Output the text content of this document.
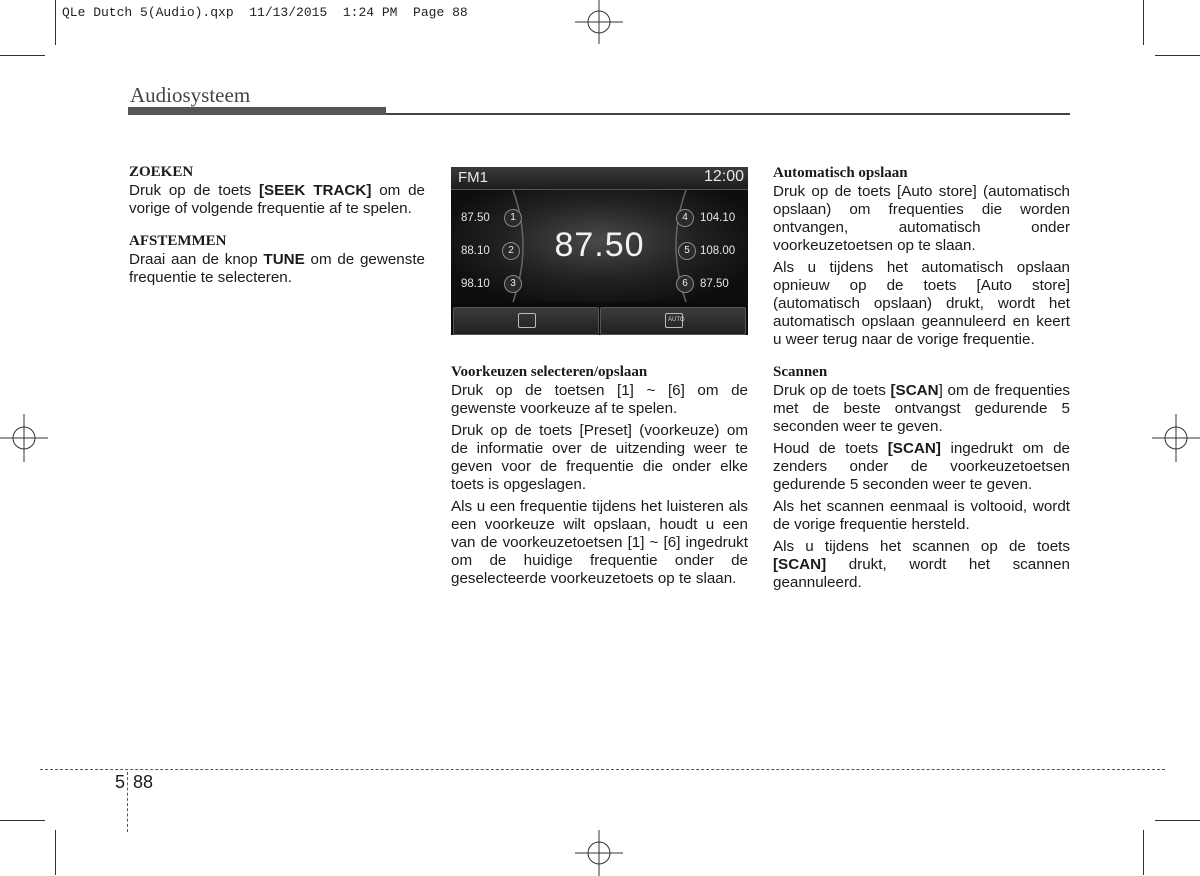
QLe Dutch 5(Audio).qxp  11/13/2015  1:24 PM  Page 88
Audiosysteem
ZOEKEN

Druk op de toets [SEEK TRACK] om de vorige of volgende frequentie af te spelen.

AFSTEMMEN

Draai aan de knop TUNE om de gewenste frequentie te selecteren.

FM1	12:00
87.50
87.50	1
88.10	2
98.10	3
4	104.10
5 108.00
6	87.50
AUTO
Voorkeuzen selecteren/opslaan

Druk op de toetsen [1] ~ [6] om de gewenste voorkeuze af te spelen.

Druk op de toets [Preset] (voorkeuze) om de informatie over de uitzending weer te geven voor de frequentie die onder elke toets is opgeslagen.

Als u een frequentie tijdens het luisteren als een voorkeuze wilt opslaan, houdt u een van de voorkeuzetoetsen [1] ~ [6] ingedrukt om de huidige frequentie onder de geselecteerde voorkeuzetoets op te slaan.

Automatisch opslaan

Druk op de toets [Auto store] (automatisch opslaan) om frequenties die worden ontvangen, automatisch onder voorkeuzetoetsen op te slaan.

Als u tijdens het automatisch opslaan opnieuw op de toets [Auto store] (automatisch opslaan) drukt, wordt het automatisch opslaan geannuleerd en keert u weer terug naar de vorige frequentie.

Scannen

Druk op de toets [SCAN] om de frequenties met de beste ontvangst gedurende 5 seconden weer te geven.

Houd de toets [SCAN] ingedrukt om de zenders onder de voorkeuzetoetsen gedurende 5 seconden weer te geven.

Als het scannen eenmaal is voltooid, wordt de vorige frequentie hersteld.

Als u tijdens het scannen op de toets [SCAN] drukt, wordt het scannen geannuleerd.

5 88
